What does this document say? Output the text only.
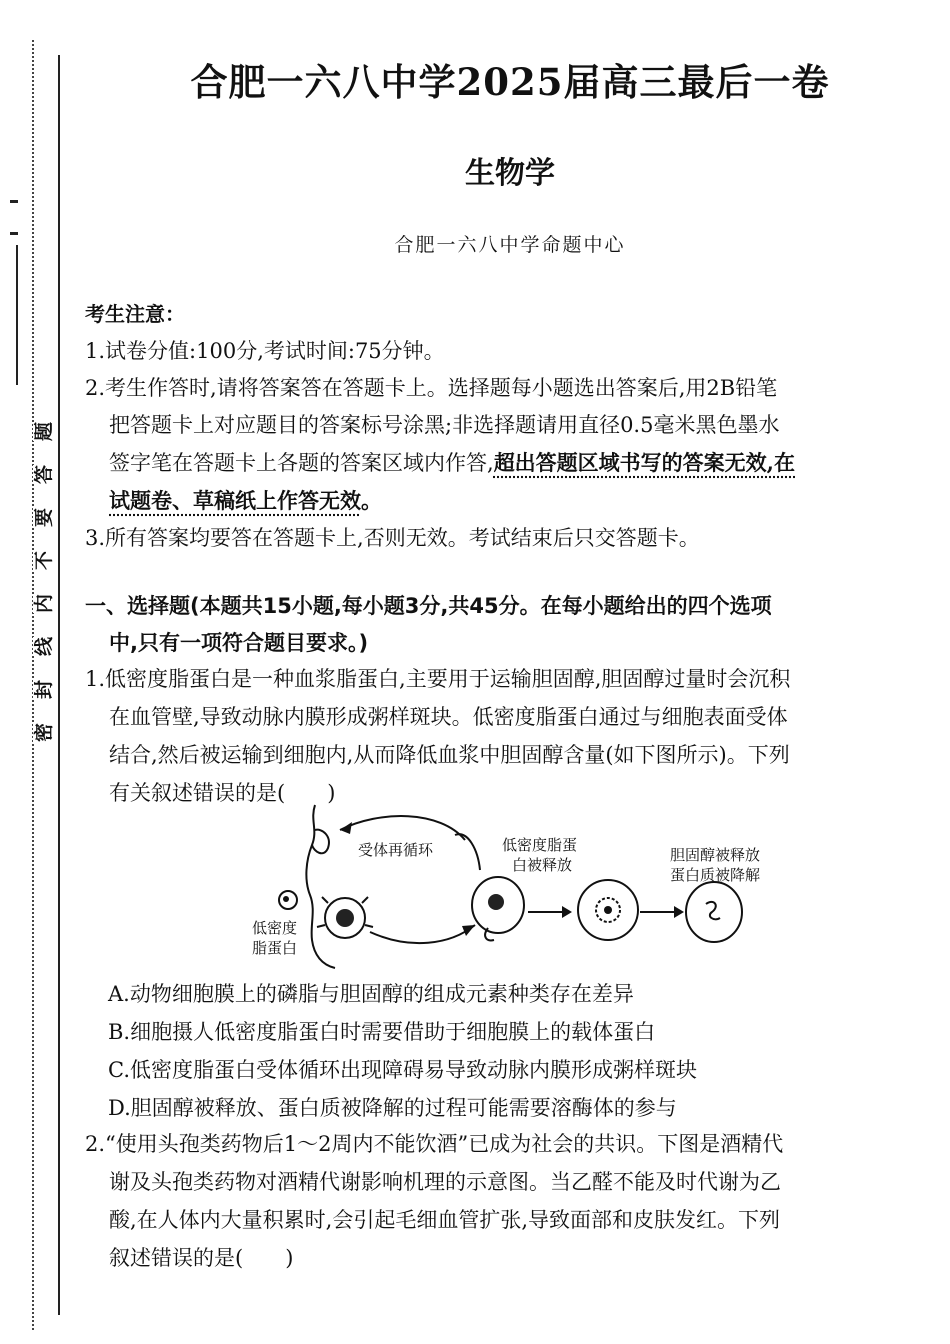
题
答
要
不
内
线
封
密
合肥一六八中学2025届高三最后一卷
生物学
合肥一六八中学命题中心
考生注意：
1.试卷分值:100分,考试时间:75分钟。
2.考生作答时,请将答案答在答题卡上。选择题每小题选出答案后,用2B铅笔
把答题卡上对应题目的答案标号涂黑;非选择题请用直径0.5毫米黑色墨水
签字笔在答题卡上各题的答案区域内作答,超出答题区域书写的答案无效,在
试题卷、草稿纸上作答无效。
3.所有答案均要答在答题卡上,否则无效。考试结束后只交答题卡。
一、选择题(本题共15小题,每小题3分,共45分。在每小题给出的四个选项
中,只有一项符合题目要求。)
1.低密度脂蛋白是一种血浆脂蛋白,主要用于运输胆固醇,胆固醇过量时会沉积
在血管壁,导致动脉内膜形成粥样斑块。低密度脂蛋白通过与细胞表面受体
结合,然后被运输到细胞内,从而降低血浆中胆固醇含量(如下图所示)。下列
有关叙述错误的是(　　)
受体再循环	低密度脂蛋
白被释放
胆固醇被释放
蛋白质被降解
低密度
脂蛋白
A.动物细胞膜上的磷脂与胆固醇的组成元素种类存在差异
B.细胞摄人低密度脂蛋白时需要借助于细胞膜上的载体蛋白
C.低密度脂蛋白受体循环出现障碍易导致动脉内膜形成粥样斑块
D.胆固醇被释放、蛋白质被降解的过程可能需要溶酶体的参与
2.“使用头孢类药物后1～2周内不能饮酒”已成为社会的共识。下图是酒精代
谢及头孢类药物对酒精代谢影响机理的示意图。当乙醛不能及时代谢为乙
酸,在人体内大量积累时,会引起毛细血管扩张,导致面部和皮肤发红。下列
叙述错误的是(　　)
